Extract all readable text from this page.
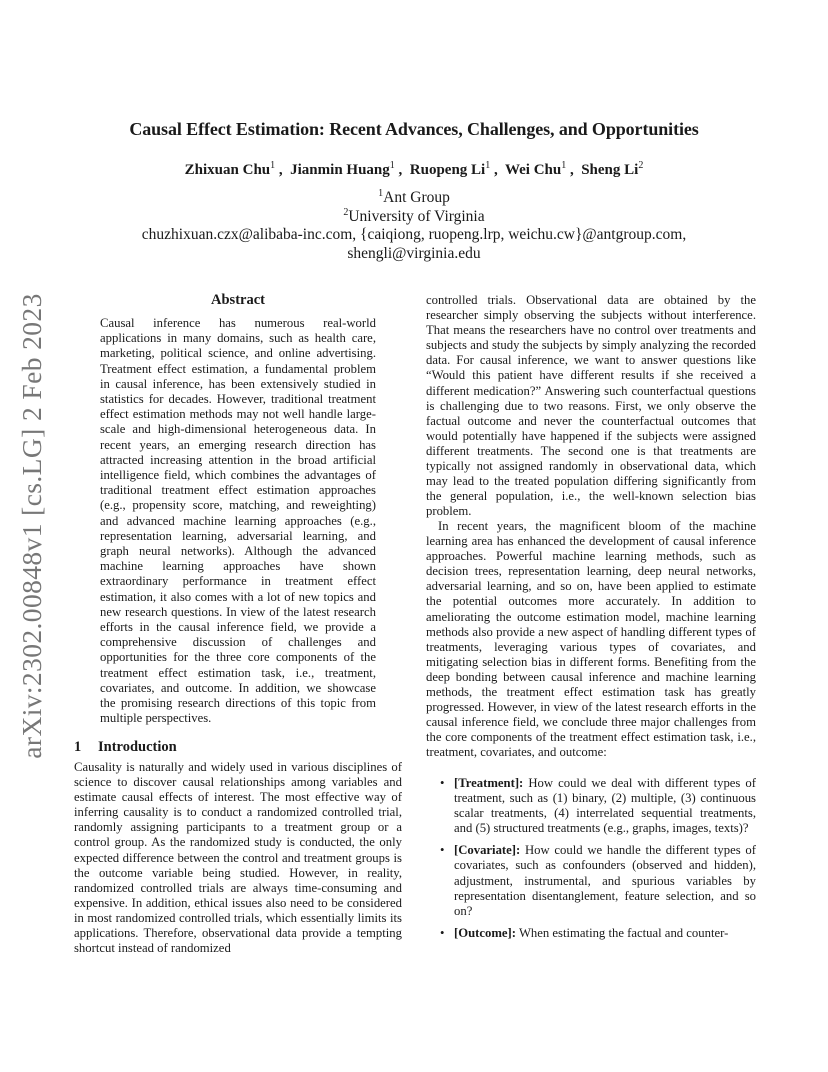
arXiv:2302.00848v1 [cs.LG] 2 Feb 2023
Causal Effect Estimation: Recent Advances, Challenges, and Opportunities
Zhixuan Chu$^1$ ,  Jianmin Huang$^1$ ,  Ruopeng Li$^1$ ,  Wei Chu$^1$ ,  Sheng Li$^2$
$^1$Ant Group
$^2$University of Virginia
chuzhixuan.czx@alibaba-inc.com, {caiqiong, ruopeng.lrp, weichu.cw}@antgroup.com,
shengli@virginia.edu
Abstract
Causal inference has numerous real-world applications in many domains, such as health care, marketing, political science, and online advertising. Treatment effect estimation, a fundamental problem in causal inference, has been extensively studied in statistics for decades. However, traditional treatment effect estimation methods may not well handle large-scale and high-dimensional heterogeneous data. In recent years, an emerging research direction has attracted increasing attention in the broad artificial intelligence field, which combines the advantages of traditional treatment effect estimation approaches (e.g., propensity score, matching, and reweighting) and advanced machine learning approaches (e.g., representation learning, adversarial learning, and graph neural networks). Although the advanced machine learning approaches have shown extraordinary performance in treatment effect estimation, it also comes with a lot of new topics and new research questions. In view of the latest research efforts in the causal inference field, we provide a comprehensive discussion of challenges and opportunities for the three core components of the treatment effect estimation task, i.e., treatment, covariates, and outcome. In addition, we showcase the promising research directions of this topic from multiple perspectives.
1 Introduction
Causality is naturally and widely used in various disciplines of science to discover causal relationships among variables and estimate causal effects of interest. The most effective way of inferring causality is to conduct a randomized controlled trial, randomly assigning participants to a treatment group or a control group. As the randomized study is conducted, the only expected difference between the control and treatment groups is the outcome variable being studied. However, in reality, randomized controlled trials are always time-consuming and expensive. In addition, ethical issues also need to be considered in most randomized controlled trials, which essentially limits its applications. Therefore, observational data provide a tempting shortcut instead of randomized
controlled trials. Observational data are obtained by the researcher simply observing the subjects without interference. That means the researchers have no control over treatments and subjects and study the subjects by simply analyzing the recorded data. For causal inference, we want to answer questions like “Would this patient have different results if she received a different medication?” Answering such counterfactual questions is challenging due to two reasons. First, we only observe the factual outcome and never the counterfactual outcomes that would potentially have happened if the subjects were assigned different treatments. The second one is that treatments are typically not assigned randomly in observational data, which may lead to the treated population differing significantly from the general population, i.e., the well-known selection bias problem.
In recent years, the magnificent bloom of the machine learning area has enhanced the development of causal inference approaches. Powerful machine learning methods, such as decision trees, representation learning, deep neural networks, adversarial learning, and so on, have been applied to estimate the potential outcomes more accurately. In addition to ameliorating the outcome estimation model, machine learning methods also provide a new aspect of handling different types of treatments, leveraging various types of covariates, and mitigating selection bias in different forms. Benefiting from the deep bonding between causal inference and machine learning methods, the treatment effect estimation task has greatly progressed. However, in view of the latest research efforts in the causal inference field, we conclude three major challenges from the core components of the treatment effect estimation task, i.e., treatment, covariates, and outcome:
• [Treatment]: How could we deal with different types of treatment, such as (1) binary, (2) multiple, (3) continuous scalar treatments, (4) interrelated sequential treatments, and (5) structured treatments (e.g., graphs, images, texts)?
• [Covariate]: How could we handle the different types of covariates, such as confounders (observed and hidden), adjustment, instrumental, and spurious variables by representation disentanglement, feature selection, and so on?
• [Outcome]: When estimating the factual and counter-
